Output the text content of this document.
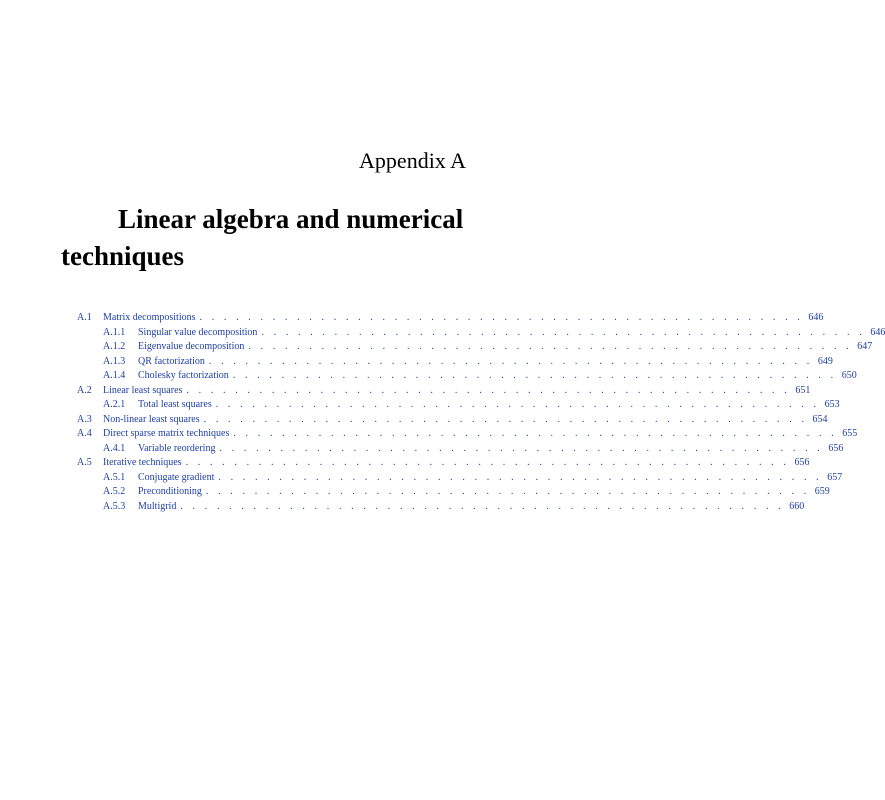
Appendix A
Linear algebra and numerical techniques
A.1	Matrix decompositions . . . . . . . . . . . . . . . . . . . . . . . . . . . . . . . . . . . . . . . . . . . . . . . . . . 646
A.1.1	Singular value decomposition . . . . . . . . . . . . . . . . . . . . . . . . . . . . . . . . . . . . . . . . . . . . . . . . . . 646
A.1.2	Eigenvalue decomposition . . . . . . . . . . . . . . . . . . . . . . . . . . . . . . . . . . . . . . . . . . . . . . . . . . 647
A.1.3	QR factorization . . . . . . . . . . . . . . . . . . . . . . . . . . . . . . . . . . . . . . . . . . . . . . . . . . 649
A.1.4	Cholesky factorization . . . . . . . . . . . . . . . . . . . . . . . . . . . . . . . . . . . . . . . . . . . . . . . . . . 650
A.2	Linear least squares . . . . . . . . . . . . . . . . . . . . . . . . . . . . . . . . . . . . . . . . . . . . . . . . . . 651
A.2.1	Total least squares . . . . . . . . . . . . . . . . . . . . . . . . . . . . . . . . . . . . . . . . . . . . . . . . . . 653
A.3	Non-linear least squares . . . . . . . . . . . . . . . . . . . . . . . . . . . . . . . . . . . . . . . . . . . . . . . . . . 654
A.4	Direct sparse matrix techniques . . . . . . . . . . . . . . . . . . . . . . . . . . . . . . . . . . . . . . . . . . . . . . . . . . 655
A.4.1	Variable reordering . . . . . . . . . . . . . . . . . . . . . . . . . . . . . . . . . . . . . . . . . . . . . . . . . . 656
A.5	Iterative techniques . . . . . . . . . . . . . . . . . . . . . . . . . . . . . . . . . . . . . . . . . . . . . . . . . . 656
A.5.1	Conjugate gradient . . . . . . . . . . . . . . . . . . . . . . . . . . . . . . . . . . . . . . . . . . . . . . . . . . 657
A.5.2	Preconditioning . . . . . . . . . . . . . . . . . . . . . . . . . . . . . . . . . . . . . . . . . . . . . . . . . . 659
A.5.3	Multigrid . . . . . . . . . . . . . . . . . . . . . . . . . . . . . . . . . . . . . . . . . . . . . . . . . . 660
